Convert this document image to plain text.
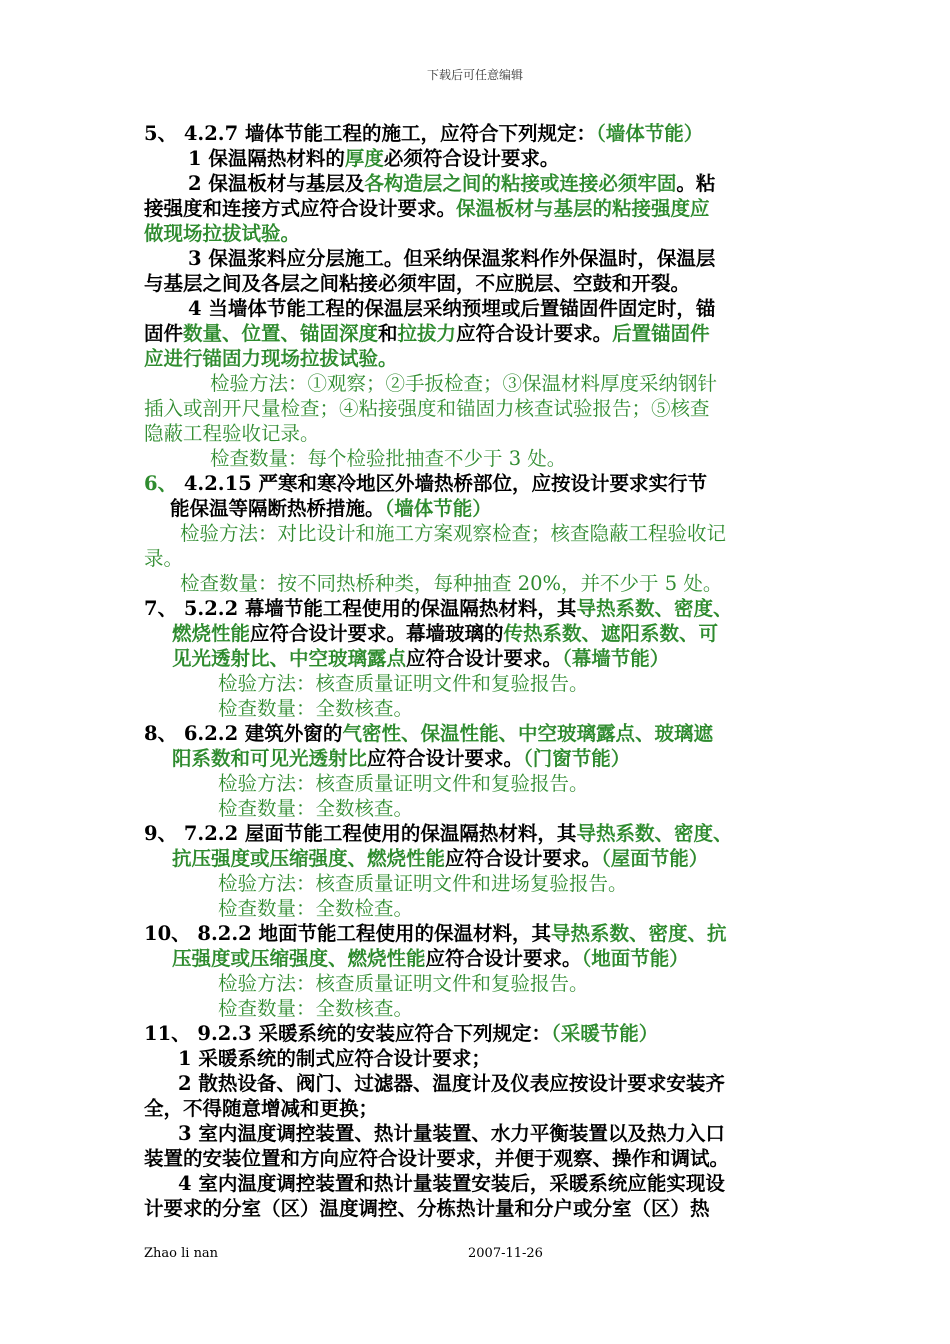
下载后可任意编辑
5、 4.2.7 墙体节能工程的施工，应符合下列规定：（墙体节能）
1 保温隔热材料的厚度必须符合设计要求。
2 保温板材与基层及各构造层之间的粘接或连接必须牢固。粘
接强度和连接方式应符合设计要求。保温板材与基层的粘接强度应
做现场拉拔试验。
3 保温浆料应分层施工。但采纳保温浆料作外保温时，保温层
与基层之间及各层之间粘接必须牢固，不应脱层、空鼓和开裂。
4 当墙体节能工程的保温层采纳预埋或后置锚固件固定时，锚
固件数量、位置、锚固深度和拉拔力应符合设计要求。后置锚固件
应进行锚固力现场拉拔试验。
检验方法：①观察；②手扳检查；③保温材料厚度采纳钢针
插入或剖开尺量检查；④粘接强度和锚固力核查试验报告；⑤核查
隐蔽工程验收记录。
检查数量：每个检验批抽查不少于 3 处。
6、 4.2.15 严寒和寒冷地区外墙热桥部位，应按设计要求实行节
能保温等隔断热桥措施。（墙体节能）
检验方法：对比设计和施工方案观察检查；核查隐蔽工程验收记
录。
检查数量：按不同热桥种类，每种抽查 20%，并不少于 5 处。
7、 5.2.2 幕墙节能工程使用的保温隔热材料，其导热系数、密度、
燃烧性能应符合设计要求。幕墙玻璃的传热系数、遮阳系数、可
见光透射比、中空玻璃露点应符合设计要求。（幕墙节能）
检验方法：核查质量证明文件和复验报告。
检查数量：全数核查。
8、 6.2.2 建筑外窗的气密性、保温性能、中空玻璃露点、玻璃遮
阳系数和可见光透射比应符合设计要求。（门窗节能）
检验方法：核查质量证明文件和复验报告。
检查数量：全数核查。
9、 7.2.2 屋面节能工程使用的保温隔热材料，其导热系数、密度、
抗压强度或压缩强度、燃烧性能应符合设计要求。（屋面节能）
检验方法：核查质量证明文件和进场复验报告。
检查数量：全数检查。
10、 8.2.2 地面节能工程使用的保温材料，其导热系数、密度、抗
压强度或压缩强度、燃烧性能应符合设计要求。（地面节能）
检验方法：核查质量证明文件和复验报告。
检查数量：全数核查。
11、 9.2.3 采暖系统的安装应符合下列规定：（采暖节能）
1 采暖系统的制式应符合设计要求；
2 散热设备、阀门、过滤器、温度计及仪表应按设计要求安装齐
全，不得随意增减和更换；
3 室内温度调控装置、热计量装置、水力平衡装置以及热力入口
装置的安装位置和方向应符合设计要求，并便于观察、操作和调试。
4 室内温度调控装置和热计量装置安装后，采暖系统应能实现设
计要求的分室（区）温度调控、分栋热计量和分户或分室（区）热
Zhao li nan	2007-11-26
